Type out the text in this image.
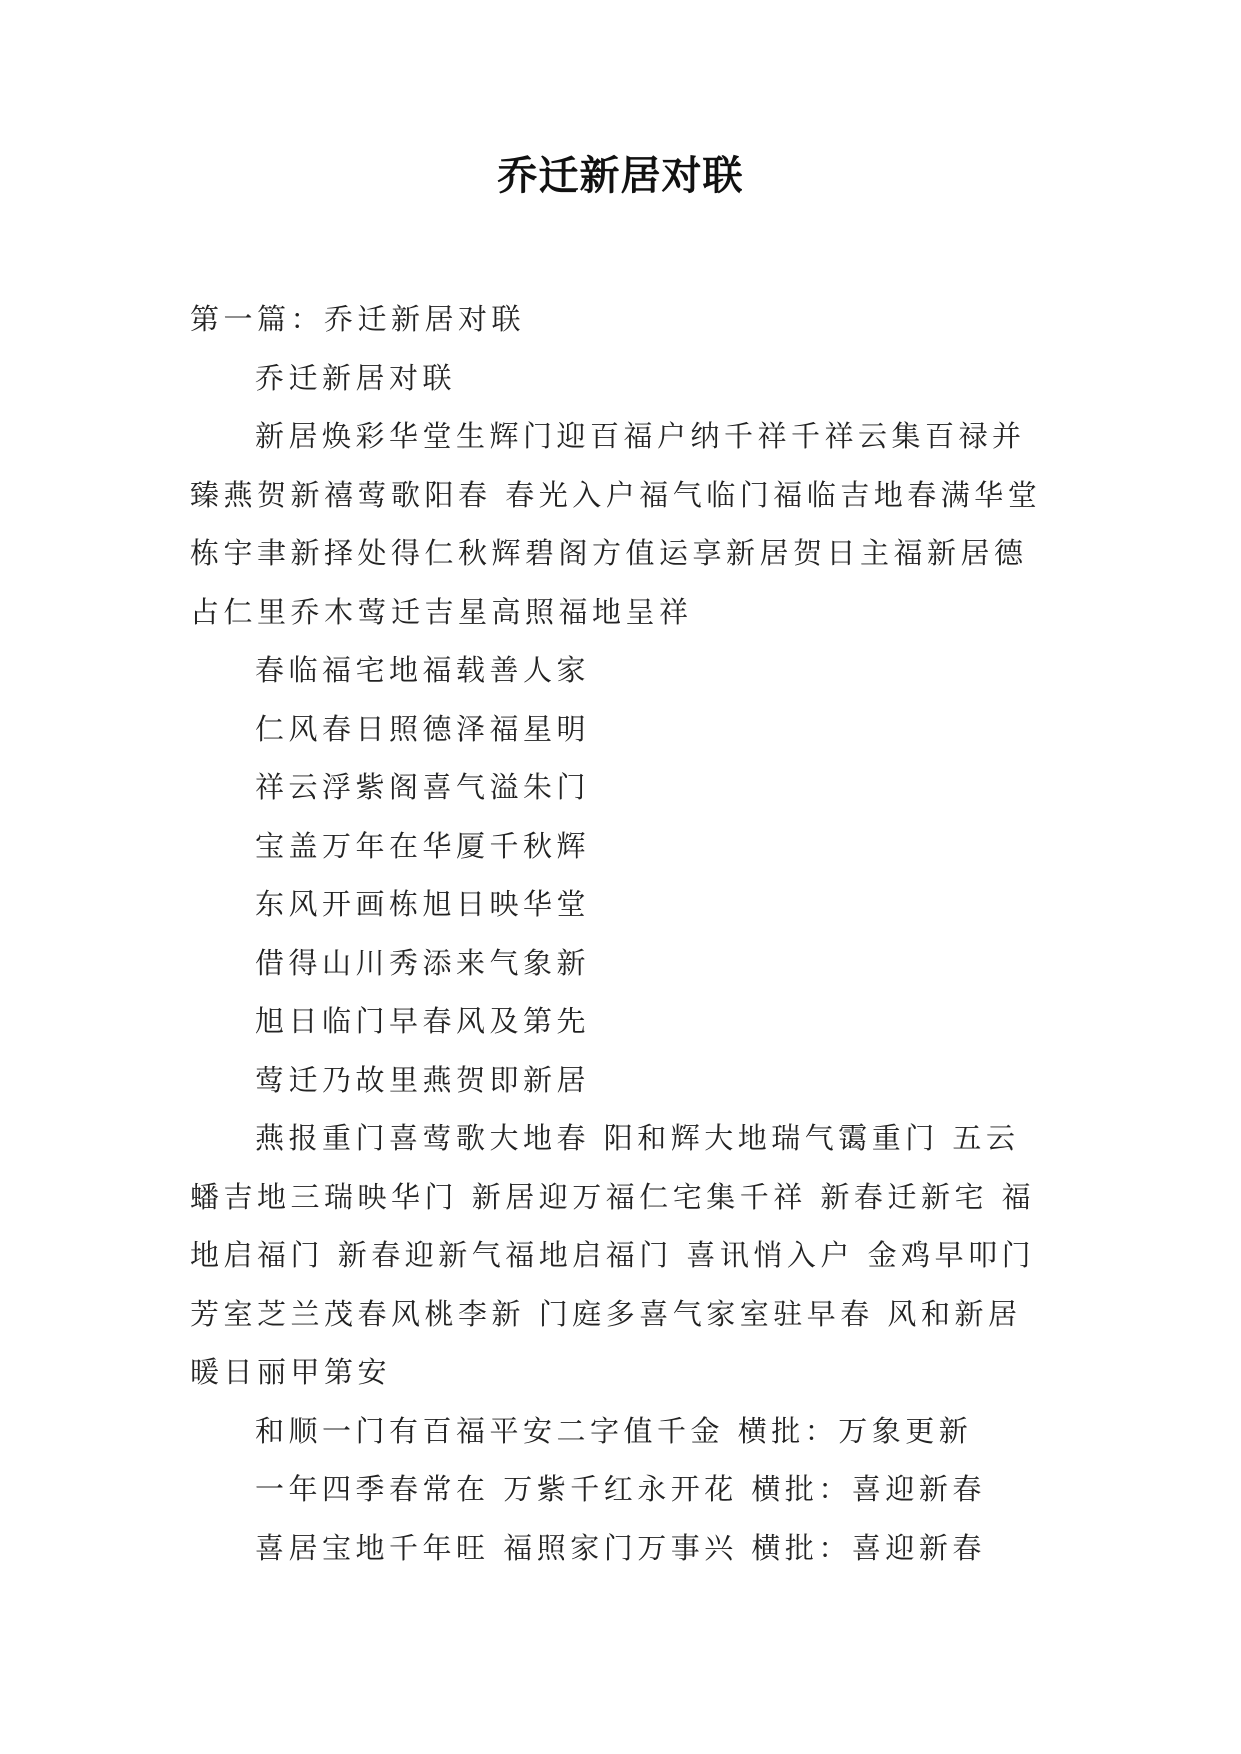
乔迁新居对联

第一篇：乔迁新居对联

乔迁新居对联

新居焕彩华堂生辉门迎百福户纳千祥千祥云集百禄并臻燕贺新禧莺歌阳春 春光入户福气临门福临吉地春满华堂栋宇聿新择处得仁秋辉碧阁方值运享新居贺日主福新居德占仁里乔木莺迁吉星高照福地呈祥

春临福宅地福载善人家

仁风春日照德泽福星明

祥云浮紫阁喜气溢朱门

宝盖万年在华厦千秋辉

东风开画栋旭日映华堂

借得山川秀添来气象新

旭日临门早春风及第先

莺迁乃故里燕贺即新居

燕报重门喜莺歌大地春 阳和辉大地瑞气霭重门 五云蟠吉地三瑞映华门 新居迎万福仁宅集千祥 新春迁新宅 福地启福门 新春迎新气福地启福门 喜讯悄入户 金鸡早叩门芳室芝兰茂春风桃李新 门庭多喜气家室驻早春 风和新居暖日丽甲第安

和顺一门有百福平安二字值千金 横批：万象更新

一年四季春常在 万紫千红永开花 横批：喜迎新春

喜居宝地千年旺 福照家门万事兴 横批：喜迎新春
